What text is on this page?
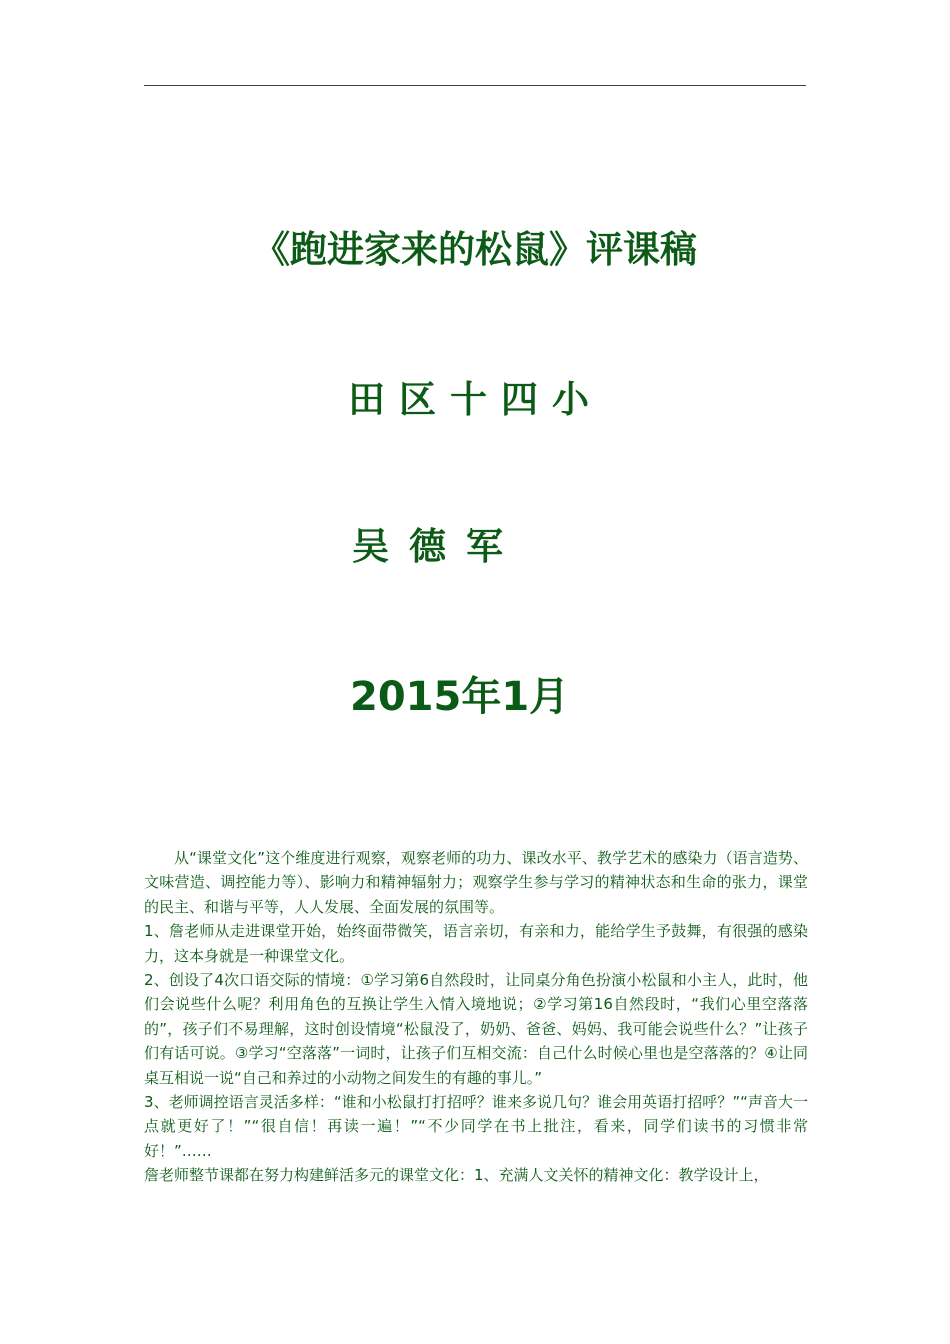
《跑进家来的松鼠》评课稿
田区十四小
吴德军
2015年1月

从“课堂文化”这个维度进行观察，观察老师的功力、课改水平、教学艺术的感染力（语言造势、文味营造、调控能力等）、影响力和精神辐射力；观察学生参与学习的精神状态和生命的张力，课堂的民主、和谐与平等，人人发展、全面发展的氛围等。

1、詹老师从走进课堂开始，始终面带微笑，语言亲切，有亲和力，能给学生予鼓舞，有很强的感染力，这本身就是一种课堂文化。

2、创设了4次口语交际的情境：①学习第6自然段时，让同桌分角色扮演小松鼠和小主人，此时，他们会说些什么呢？利用角色的互换让学生入情入境地说；②学习第16自然段时，“我们心里空落落的”，孩子们不易理解，这时创设情境“松鼠没了，奶奶、爸爸、妈妈、我可能会说些什么？”让孩子们有话可说。③学习“空落落”一词时，让孩子们互相交流：自己什么时候心里也是空落落的？④让同桌互相说一说“自己和养过的小动物之间发生的有趣的事儿。”

3、老师调控语言灵活多样：“谁和小松鼠打打招呼？谁来多说几句？谁会用英语打招呼？”“声音大一点就更好了！”“很自信！再读一遍！”“不少同学在书上批注，看来，同学们读书的习惯非常好！”……

詹老师整节课都在努力构建鲜活多元的课堂文化：1、充满人文关怀的精神文化：教学设计上，
